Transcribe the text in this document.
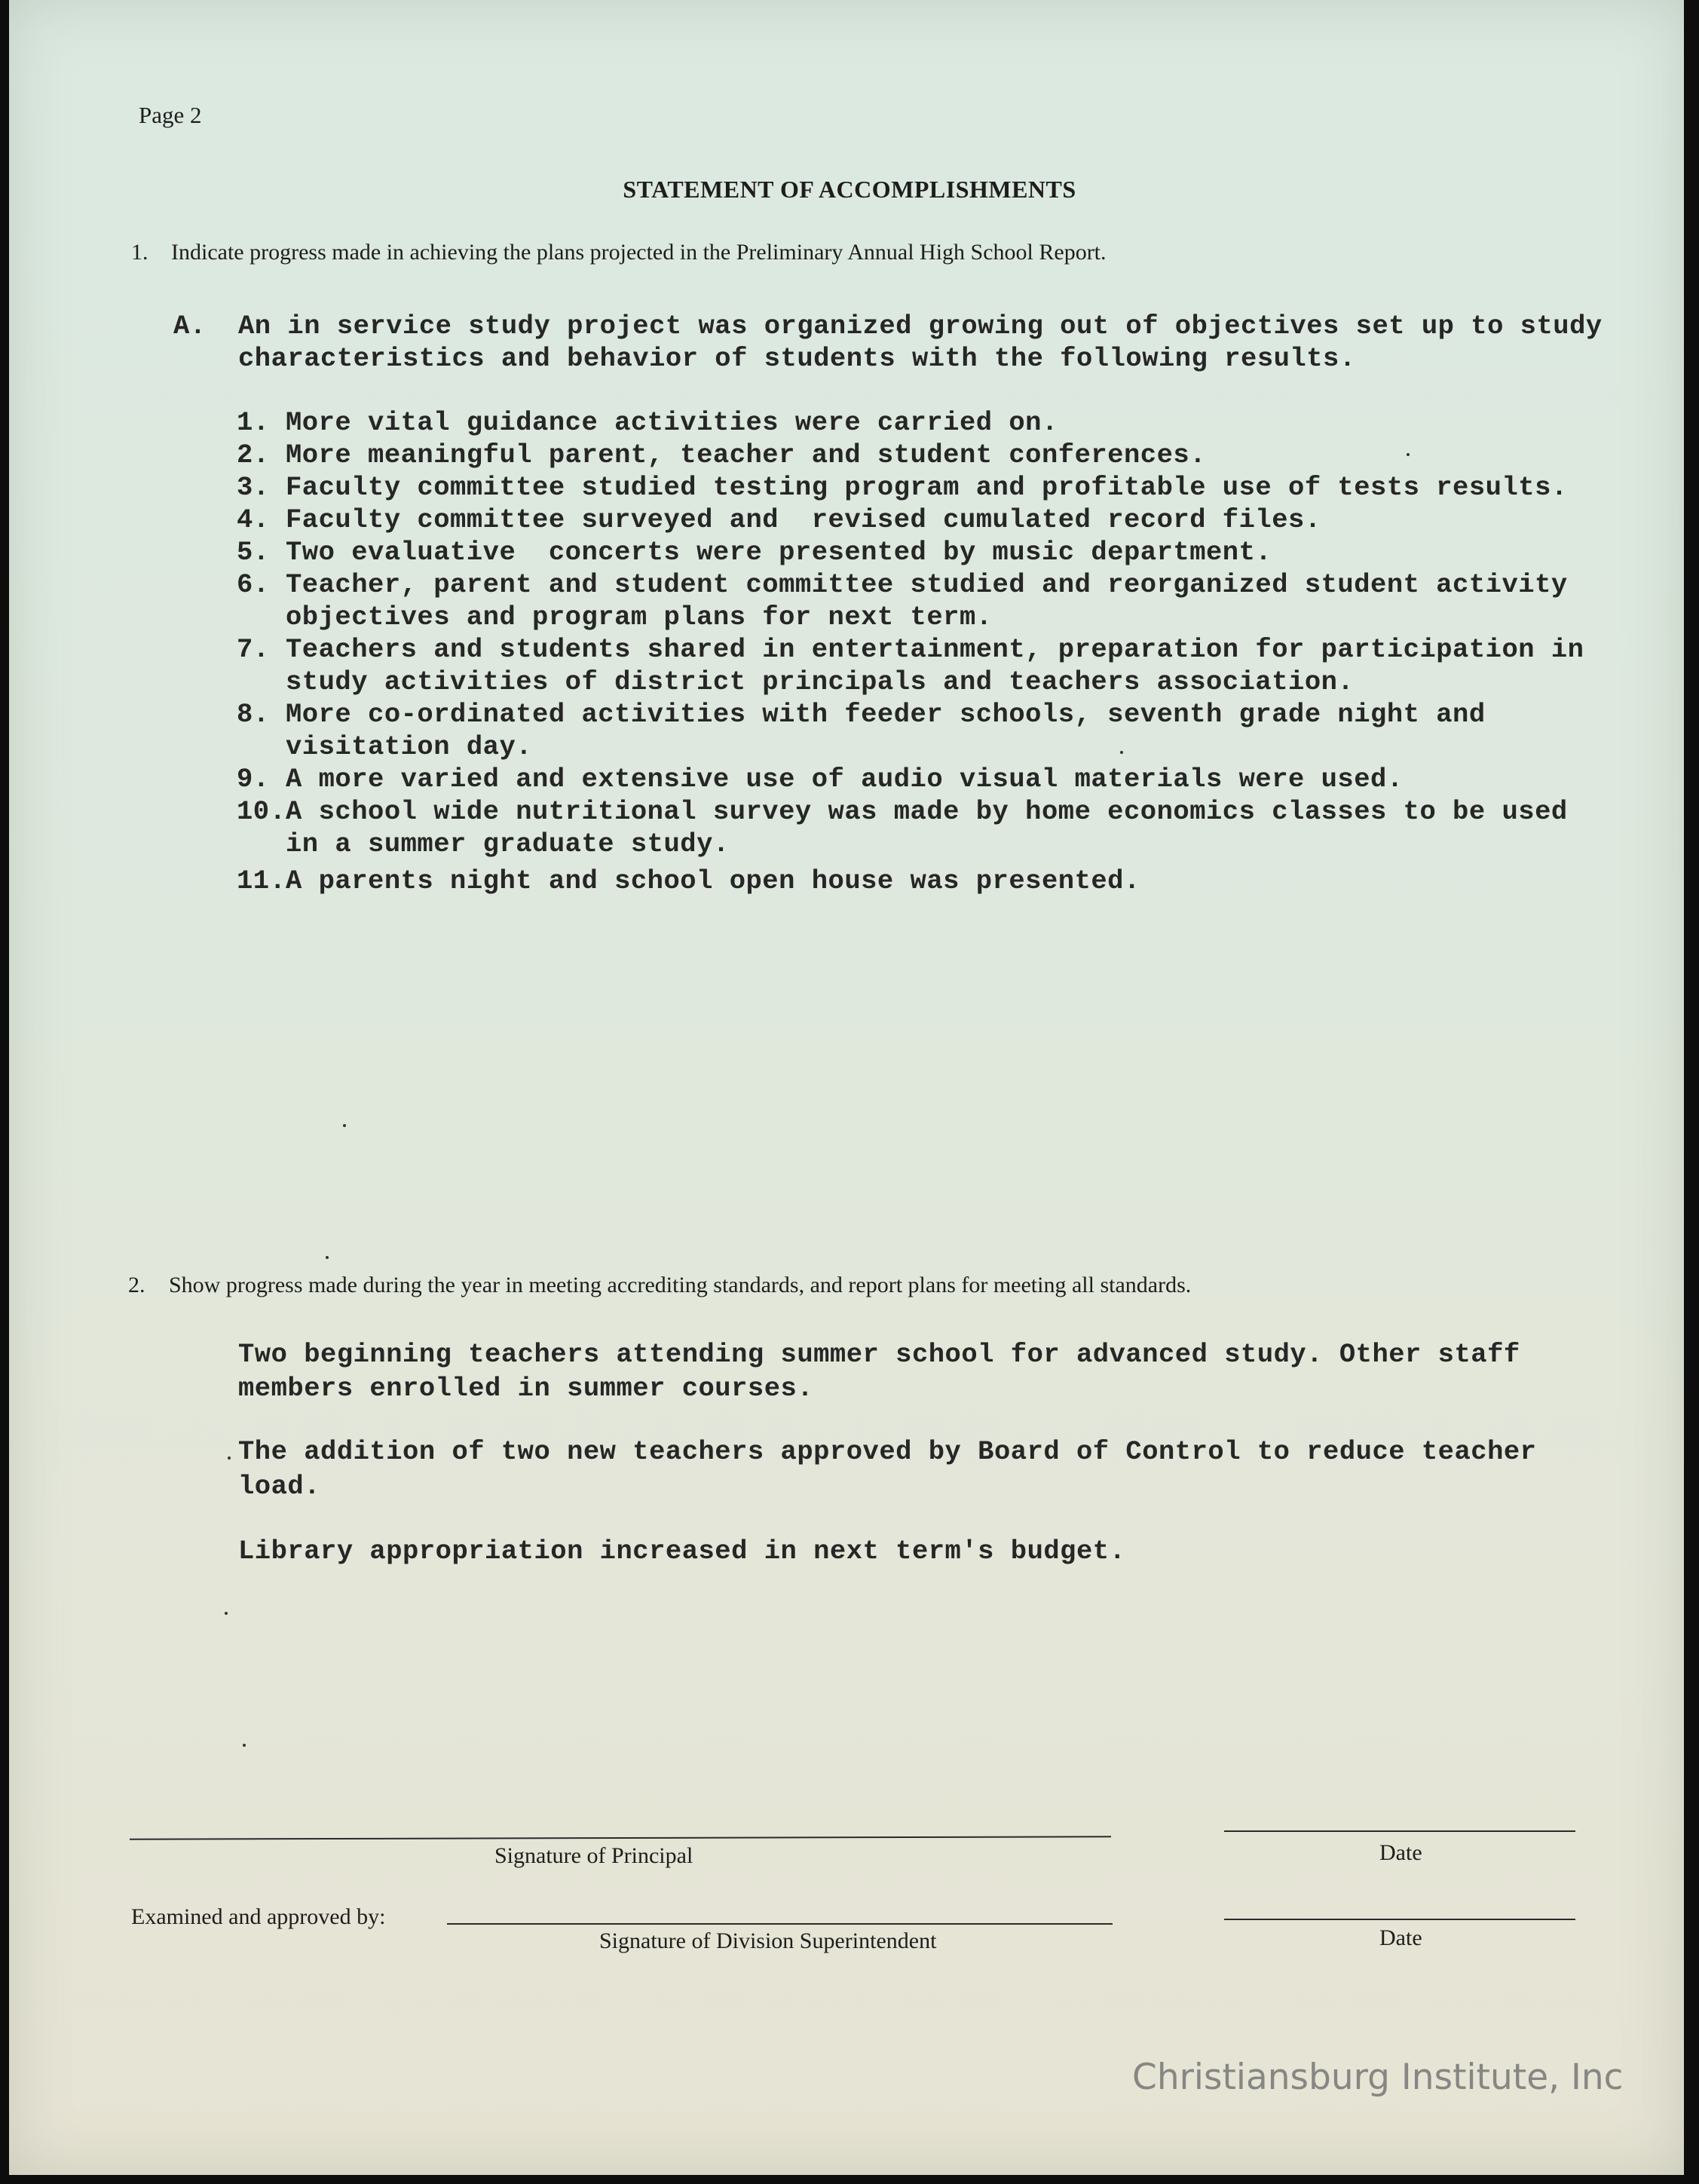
Page 2
STATEMENT OF ACCOMPLISHMENTS
1. Indicate progress made in achieving the plans projected in the Preliminary Annual High School Report.
A. An in service study project was organized growing out of objectives set up to study
characteristics and behavior of students with the following results.
1. More vital guidance activities were carried on.
2. More meaningful parent, teacher and student conferences.
3. Faculty committee studied testing program and profitable use of tests results.
4. Faculty committee surveyed and  revised cumulated record files.
5. Two evaluative  concerts were presented by music department.
6. Teacher, parent and student committee studied and reorganized student activity
objectives and program plans for next term.
7. Teachers and students shared in entertainment, preparation for participation in
study activities of district principals and teachers association.
8. More co-ordinated activities with feeder schools, seventh grade night and
visitation day.
9. A more varied and extensive use of audio visual materials were used.
10. A school wide nutritional survey was made by home economics classes to be used
in a summer graduate study.
11. A parents night and school open house was presented.
2. Show progress made during the year in meeting accrediting standards, and report plans for meeting all standards.
Two beginning teachers attending summer school for advanced study. Other staff
members enrolled in summer courses.
The addition of two new teachers approved by Board of Control to reduce teacher
load.
Library appropriation increased in next term's budget.
Signature of Principal	Date
Examined and approved by:
Signature of Division Superintendent	Date
Christiansburg Institute, Inc
